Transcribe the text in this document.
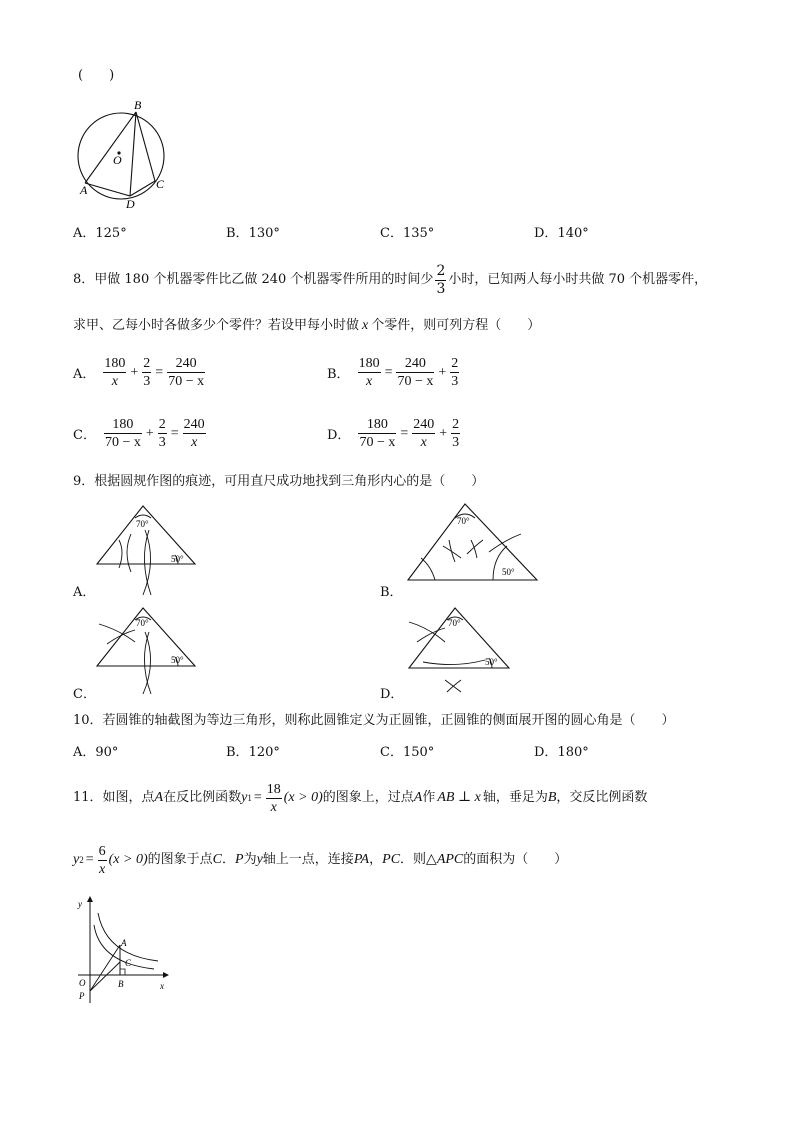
(　　)
B
O
A	C
D
A．125°	B．130°	C．135°	D．140°
8．甲做 180 个机器零件比乙做 240 个机器零件所用的时间少 $\frac{2}{3}$ 小时，已知两人每小时共做 70 个机器零件，
求甲、乙每小时各做多少个零件？若设甲每小时做 x 个零件，则可列方程（　　）
A． $\frac{180}{x} + \frac{2}{3} = \frac{240}{70 - x}$	B． $\frac{180}{x} = \frac{240}{70 - x} + \frac{2}{3}$
C． $\frac{180}{70 - x} + \frac{2}{3} = \frac{240}{x}$	D． $\frac{180}{70 - x} = \frac{240}{x} + \frac{2}{3}$
9．根据圆规作图的痕迹，可用直尺成功地找到三角形内心的是（　　）
70°
50°
A．
70°
50°
B．
70°
50°
C．
70°
50°
D．
10．若圆锥的轴截图为等边三角形，则称此圆锥定义为正圆锥，正圆锥的侧面展开图的圆心角是（　　）
A．90°	B．120°	C．150°	D．180°
11．如图，点 A 在反比例函数 y $1 = \frac{18}{x} (x > 0)$ 的图象上，过点 A 作 AB ⊥ x 轴，垂足为 B ，交反比例函数
y $2 = \frac{6}{x} (x > 0)$ 的图象于点 C ． P 为 y 轴上一点，连接 PA ， PC ．则 △APC 的面积为（　　）
y
x
O
P
A
C
B
